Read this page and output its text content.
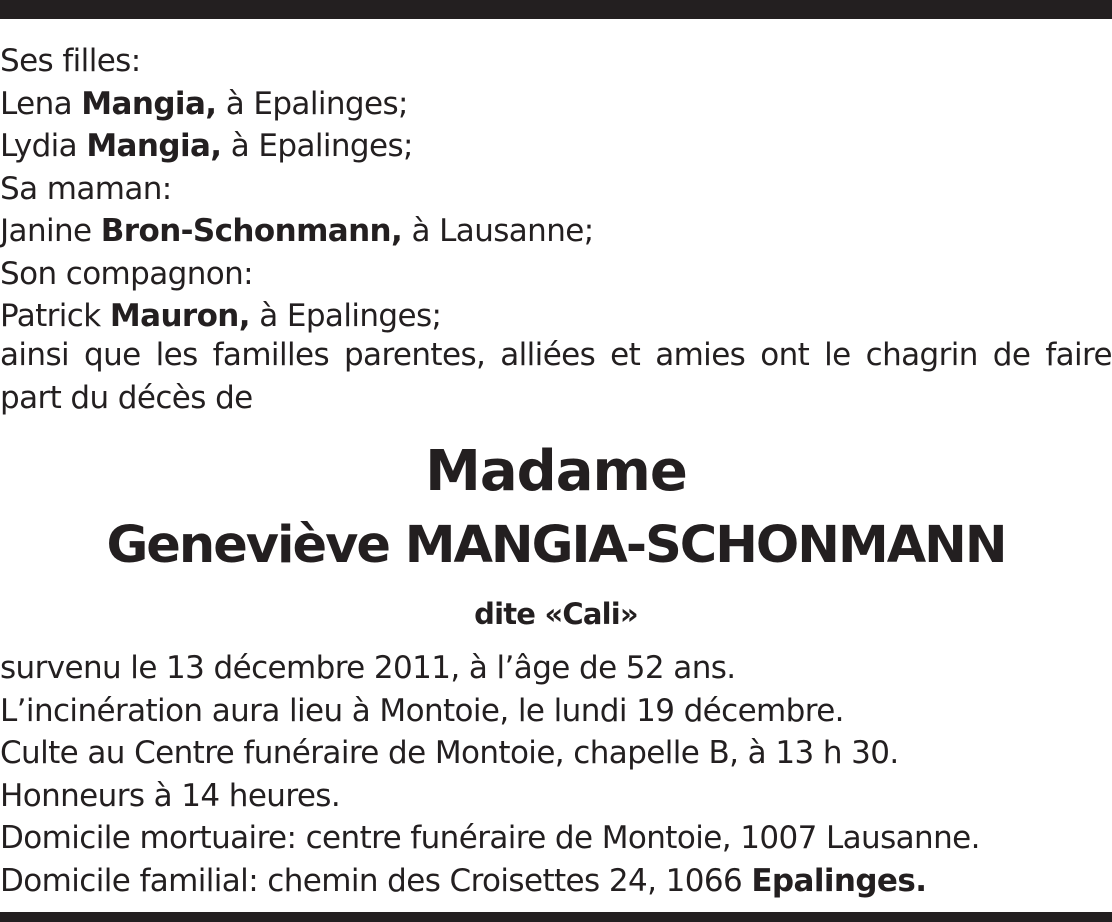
Ses filles:
Lena Mangia, à Epalinges;
Lydia Mangia, à Epalinges;
Sa maman:
Janine Bron-Schonmann, à Lausanne;
Son compagnon:
Patrick Mauron, à Epalinges;
ainsi que les familles parentes, alliées et amies ont le chagrin de faire
part du décès de
Madame
Geneviève MANGIA-SCHONMANN
dite «Cali»
survenu le 13 décembre 2011, à l’âge de 52 ans.
L’incinération aura lieu à Montoie, le lundi 19 décembre.
Culte au Centre funéraire de Montoie, chapelle B, à 13 h 30.
Honneurs à 14 heures.
Domicile mortuaire: centre funéraire de Montoie, 1007 Lausanne.
Domicile familial: chemin des Croisettes 24, 1066 Epalinges.
